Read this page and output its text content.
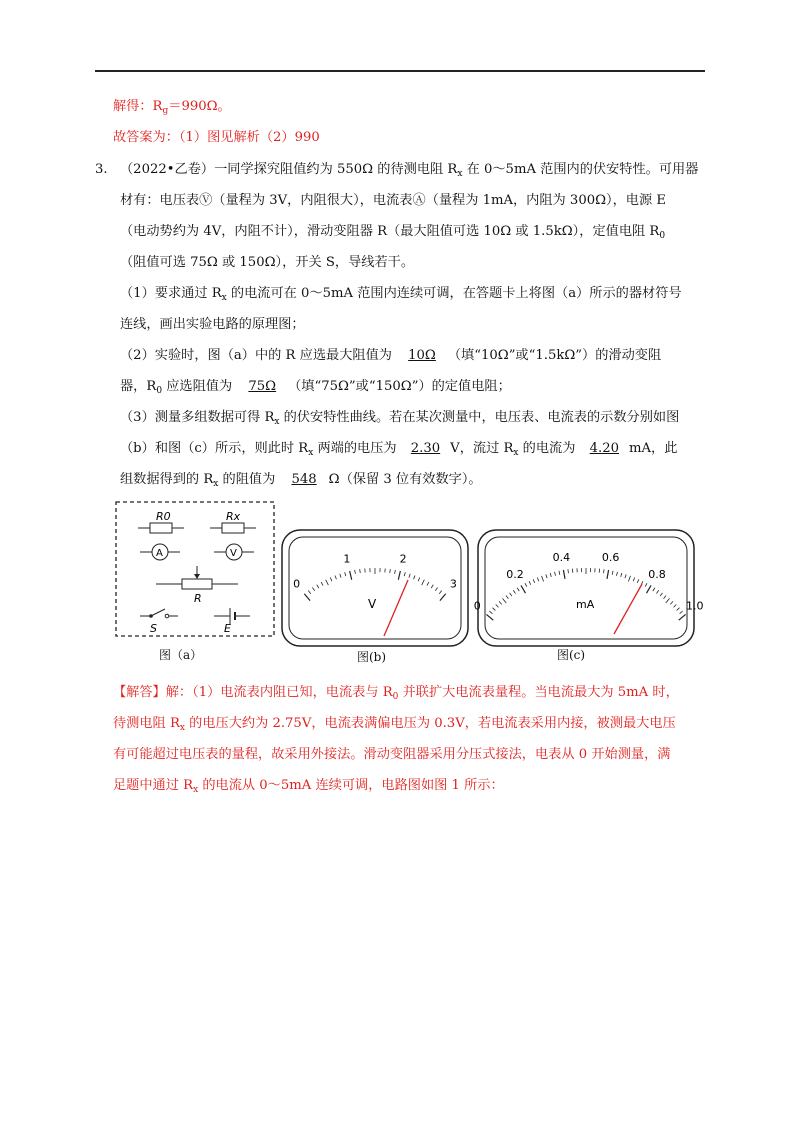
解得：$R_g=990\Omega$。
故答案为：（1）图见解析（2）990
3. （2022•乙卷）一同学探究阻值约为 550Ω 的待测电阻 $R_x$ 在 0～5mA 范围内的伏安特性。可用器
材有：电压表Ⓥ（量程为 3V，内阻很大），电流表Ⓐ（量程为 1mA，内阻为 300Ω），电源 E
（电动势约为 4V，内阻不计），滑动变阻器 R（最大阻值可选 10Ω 或 1.5kΩ），定值电阻 $R_0$
（阻值可选 75Ω 或 150Ω），开关 S，导线若干。
（1）要求通过 $R_x$ 的电流可在 0～5mA 范围内连续可调，在答题卡上将图（a）所示的器材符号
连线，画出实验电路的原理图；
（2）实验时，图（a）中的 R 应选最大阻值为 10Ω （填“10Ω”或“1.5kΩ”）的滑动变阻
器，$R_0$ 应选阻值为 75Ω （填“75Ω”或“150Ω”）的定值电阻；
（3）测量多组数据可得 $R_x$ 的伏安特性曲线。若在某次测量中，电压表、电流表的示数分别如图
（b）和图（c）所示，则此时 $R_x$ 两端的电压为 2.30 V，流过 $R_x$ 的电流为 4.20 mA，此
组数据得到的 $R_x$ 的阻值为 548 Ω（保留 3 位有效数字）。
R0	Rx
A	V
R
S	E
0
1	2
3
V	0
0.2
0.4	0.6
0.8
1.0
mA
图（a）	图(b)	图(c)
【解答】解：（1）电流表内阻已知，电流表与 $R_0$ 并联扩大电流表量程。当电流最大为 5mA 时，
待测电阻 $R_x$ 的电压大约为 2.75V，电流表满偏电压为 0.3V，若电流表采用内接，被测最大电压
有可能超过电压表的量程，故采用外接法。滑动变阻器采用分压式接法，电表从 0 开始测量，满
足题中通过 $R_x$ 的电流从 0～5mA 连续可调，电路图如图 1 所示：
